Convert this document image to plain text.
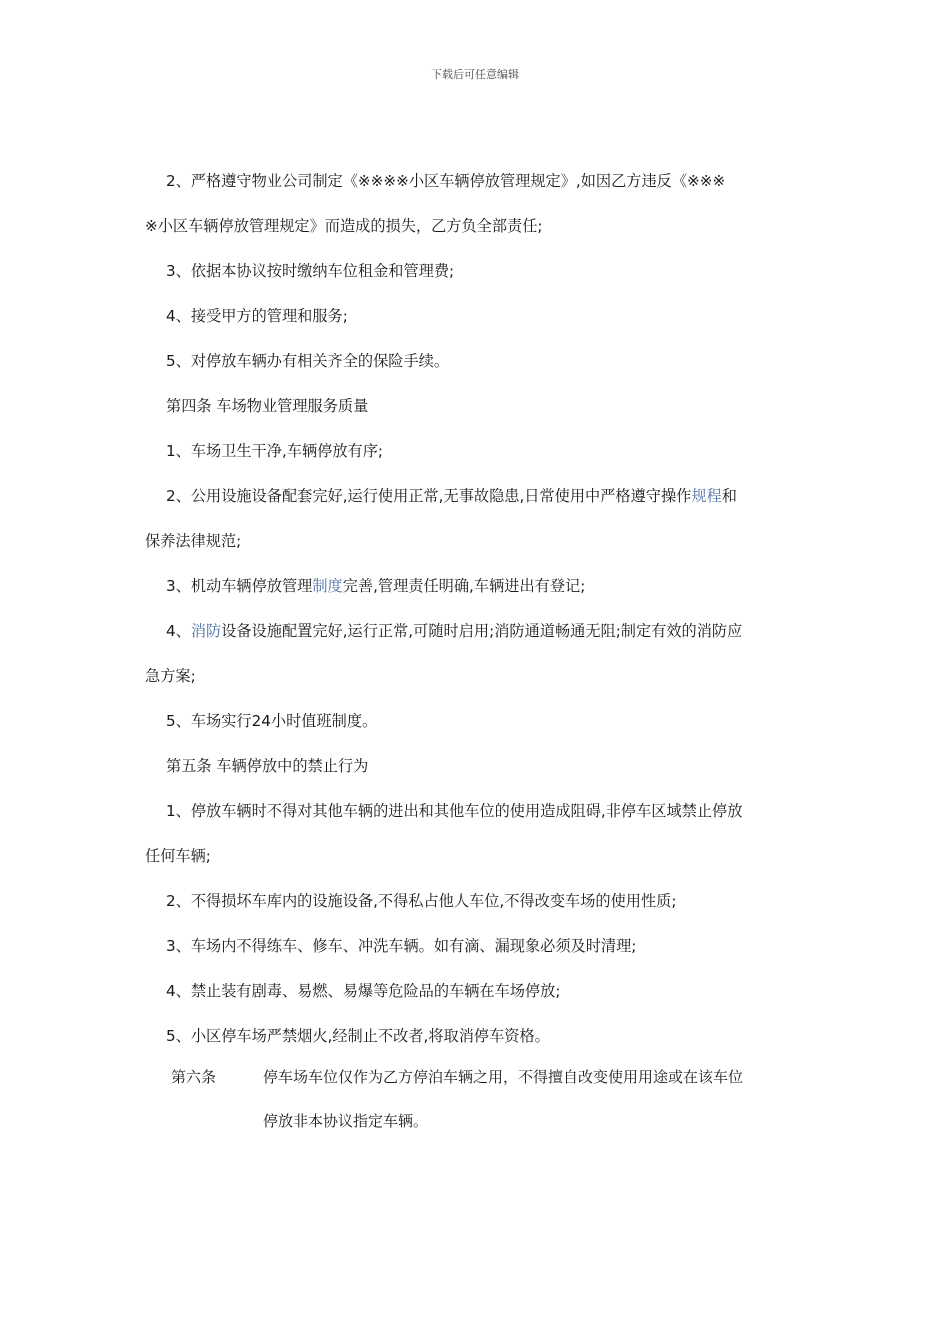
下载后可任意编辑
2、严格遵守物业公司制定《※※※※小区车辆停放管理规定》,如因乙方违反《※※※
※小区车辆停放管理规定》而造成的损失，乙方负全部责任;
3、依据本协议按时缴纳车位租金和管理费;
4、接受甲方的管理和服务;
5、对停放车辆办有相关齐全的保险手续。
第四条 车场物业管理服务质量
1、车场卫生干净,车辆停放有序;
2、公用设施设备配套完好,运行使用正常,无事故隐患,日常使用中严格遵守操作规程和
保养法律规范;
3、机动车辆停放管理制度完善,管理责任明确,车辆进出有登记;
4、消防设备设施配置完好,运行正常,可随时启用;消防通道畅通无阻;制定有效的消防应
急方案;
5、车场实行24小时值班制度。
第五条 车辆停放中的禁止行为
1、停放车辆时不得对其他车辆的进出和其他车位的使用造成阻碍,非停车区域禁止停放
任何车辆;
2、不得损坏车库内的设施设备,不得私占他人车位,不得改变车场的使用性质;
3、车场内不得练车、修车、冲洗车辆。如有滴、漏现象必须及时清理;
4、禁止装有剧毒、易燃、易爆等危险品的车辆在车场停放;
5、小区停车场严禁烟火,经制止不改者,将取消停车资格。
第六条	停车场车位仅作为乙方停泊车辆之用，不得擅自改变使用用途或在该车位
停放非本协议指定车辆。
